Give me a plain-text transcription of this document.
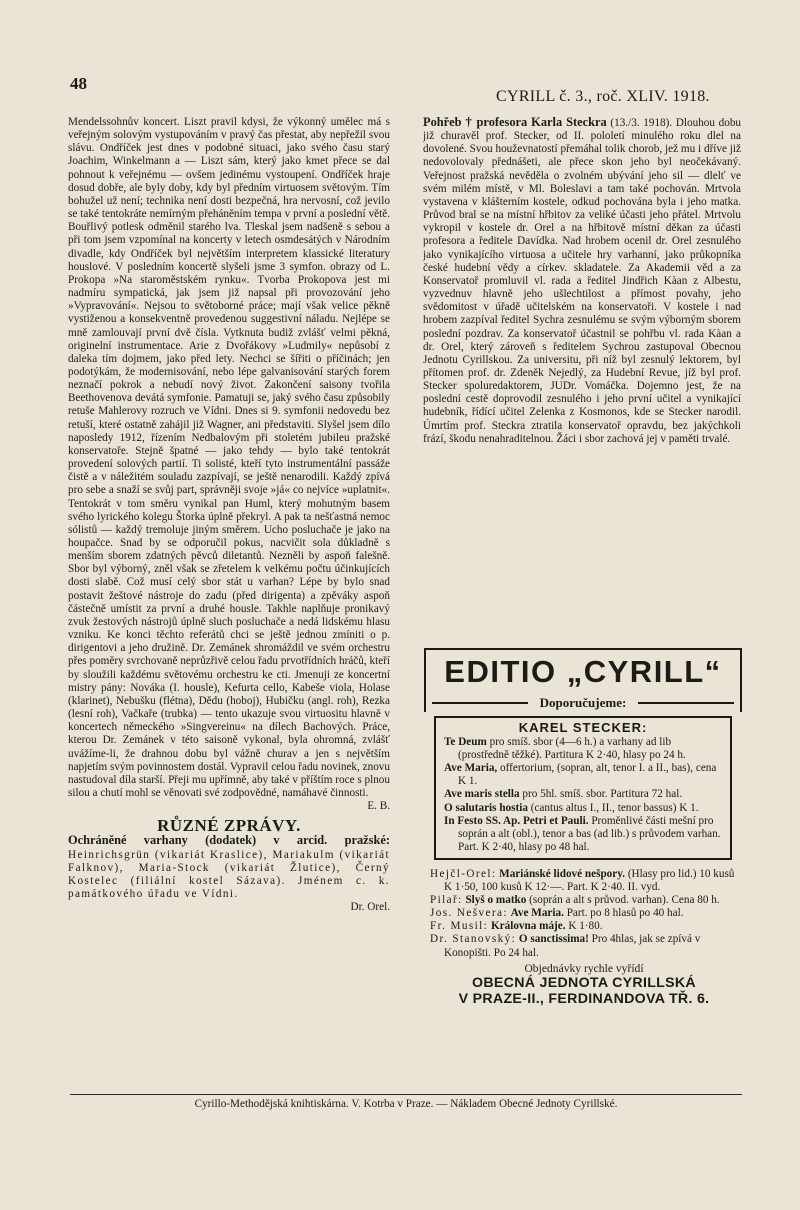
48
CYRILL č. 3., roč. XLIV. 1918.

Mendelssohnův koncert. Liszt pravil kdysi, že výkonný umělec má s veřejným solovým vystupováním v pravý čas přestat, aby nepřežil svou slávu. Ondříček jest dnes v podobné situaci, jako svého času starý Joachim, Winkelmann a — Liszt sám, který jako kmet přece se dal pohnout k veřejnému — ovšem jedinému vystoupení. Ondříček hraje dosud dobře, ale byly doby, kdy byl předním virtuosem světovým. Tím bohužel už není; technika není dosti bezpečná, hra nervosní, což jevilo se také tentokráte nemírným přeháněním tempa v první a poslední větě. Bouřlivý potlesk odměnil starého lva. Tleskal jsem nadšeně s sebou a při tom jsem vzpomínal na koncerty v letech osmdesátých v Národním divadle, kdy Ondříček byl největším interpretem klassické literatury houslové. V posledním koncertě slyšeli jsme 3 symfon. obrazy od L. Prokopa »Na staroměstském rynku«. Tvorba Prokopova jest mi nadmíru sympatická, jak jsem již napsal při provozování jeho »Vypravování«. Nejsou to světoborné práce; mají však velice pěkně vystiženou a konsekventně provedenou suggestivní náladu. Nejlépe se mně zamlouvají první dvě čísla. Vytknuta budiž zvlášť velmi pěkná, originelní instrumentace. Arie z Dvořákovy »Ludmily« nepůsobí z daleka tím dojmem, jako před lety. Nechci se šířiti o příčinách; jen podotýkám, že modernisování, nebo lépe galvanisování starých forem neznačí pokrok a nebudí nový život. Zakončení saisony tvořila Beethovenova devátá symfonie. Pamatuji se, jaký svého času způsobily retuše Mahlerovy rozruch ve Vídni. Dnes si 9. symfonii nedovedu bez retuší, které ostatně zahájil již Wagner, ani představiti. Slyšel jsem dílo naposledy 1912, řízením Nedbalovým při stoletém jubileu pražské konservatoře. Stejně špatné — jako tehdy — bylo také tentokrát provedení solových partií. Ti solisté, kteří tyto instrumentální passáže čistě a v náležitém souladu zazpívají, se ještě nenarodili. Každý zpívá pro sebe a snaží se svůj part, správněji svoje »já« co nejvíce »uplatnit«. Tentokrát v tom směru vynikal pan Huml, který mohutným basem svého lyrického kolegu Štorka úplně překryl. A pak ta nešťastná nemoc sólistů — každý tremoluje jiným směrem. Ucho posluchače je jako na houpačce. Snad by se odporučil pokus, nacvičit sola důkladně s menším sborem zdatných pěvců diletantů. Nezněli by aspoň falešně. Sbor byl výborný, zněl však se zřetelem k velkému počtu účinkujících dosti slabě. Což musí celý sbor stát u varhan? Lépe by bylo snad postavit žeštové nástroje do zadu (před dirigenta) a zpěváky aspoň částečně umístit za první a druhé housle. Takhle naplňuje pronikavý zvuk žestových nástrojů úplně sluch posluchače a nedá lidskému hlasu vzniku. Ke konci těchto referátů chci se ještě jednou zmíniti o p. dirigentovi a jeho družině. Dr. Zemánek shromáždil ve svém orchestru přes poměry svrchovaně neprůzřivě celou řadu prvotřídních hráčů, kteří by sloužili každému světovému orchestru ke cti. Jmenuji ze koncertní mistry pány: Nováka (I. housle), Kefurta cello, Kabeše viola, Holase (klarinet), Nebušku (flétna), Dědu (hoboj), Hubičku (angl. roh), Rezka (lesní roh), Vačkaře (trubka) — tento ukazuje svou virtuositu hlavně v koncertech německého »Singvereinu« na dílech Bachových. Práce, kterou Dr. Zemánek v této saisoně vykonal, byla ohromná, zvlášť uvážíme-li, že drahnou dobu byl vážně churav a jen s největším napjetím svým povinnostem dostál. Vypravil celou řadu novinek, znovu nastudoval díla starší. Přeji mu upřímně, aby také v příštím roce s plnou silou a chutí mohl se věnovati své zodpovědné, namáhavé činnosti.

E. B.
RŮZNÉ ZPRÁVY.

Ochráněné varhany (dodatek) v arcid. pražské: Heinrichsgrün (vikariát Kraslice), Mariakulm (vikariát Falknov), Maria-Stock (vikariát Žlutice), Černý Kostelec (filiální kostel Sázava). Jménem c. k. památkového úřadu ve Vídni.
Dr. Orel.

Pohřeb † profesora Karla Steckra (13./3. 1918). Dlouhou dobu již churavěl prof. Stecker, od II. pololetí minulého roku dlel na dovolené. Svou houževnatostí přemáhal tolik chorob, jež mu i dříve již nedovolovaly přednášeti, ale přece skon jeho byl neočekávaný. Veřejnost pražská nevěděla o zvolném ubývání jeho sil — dlelť ve svém milém místě, v Ml. Boleslavi a tam také pochován. Mrtvola vystavena v klášterním kostele, odkud pochována byla i jeho matka. Průvod bral se na místní hřbitov za veliké účasti jeho přátel. Mrtvolu vykropil v kostele dr. Orel a na hřbitově místní děkan za účasti profesora a ředitele Davídka. Nad hrobem ocenil dr. Orel zesnulého jako vynikajícího virtuosa a učitele hry varhanní, jako průkopníka české hudební vědy a církev. skladatele. Za Akademii věd a za Konservatoř promluvil vl. rada a ředitel Jindřich Kàan z Albestu, vyzvednuv hlavně jeho ušlechtilost a přímost povahy, jeho svědomitost v úřadě učitelském na konservatoři. V kostele i nad hrobem zazpíval ředitel Sychra zesnulému se svým výborným sborem poslední pozdrav. Za konservatoř účastnil se pohřbu vl. rada Kàan a dr. Orel, který zároveň s ředitelem Sychrou zastupoval Obecnou Jednotu Cyrillskou. Za universitu, při níž byl zesnulý lektorem, byl přítomen prof. dr. Zdeněk Nejedlý, za Hudební Revue, jíž byl prof. Stecker spoluredaktorem, JUDr. Vomáčka. Dojemno jest, že na poslední cestě doprovodil zesnulého i jeho první učitel a vynikající hudebník, řídící učitel Zelenka z Kosmonos, kde se Stecker narodil. Úmrtím prof. Steckra ztratila konservatoř opravdu, bez jakýchkoli frází, škodu nenahraditelnou. Žáci i sbor zachová jej v paměti trvalé.

EDITIO „CYRILL“
Doporučujeme:
KAREL STECKER:

Te Deum pro smíš. sbor (4—6 h.) a varhany ad lib (prostředně těžké). Partitura K 2·40, hlasy po 24 h.

Ave Maria, offertorium, (sopran, alt, tenor I. a II., bas), cena K 1.

Ave maris stella pro 5hl. smíš. sbor. Partitura 72 hal.

O salutaris hostia (cantus altus I., II., tenor bassus) K 1.

In Festo SS. Ap. Petri et Pauli. Proměnlivé části mešní pro soprán a alt (obl.), tenor a bas (ad lib.) s průvodem varhan. Part. K 2·40, hlasy po 48 hal.

Hejčl-Orel: Mariánské lidové nešpory. (Hlasy pro lid.) 10 kusů K 1·50, 100 kusů K 12·—. Part. K 2·40. II. vyd.

Pilař: Slyš o matko (soprán a alt s průvod. varhan). Cena 80 h.

Jos. Nešvera: Ave Maria. Part. po 8 hlasů po 40 hal.

Fr. Musil: Královna máje. K 1·80.

Dr. Stanovský: O sanctissima! Pro 4hlas, jak se zpívá v Konopišti. Po 24 hal.

Objednávky rychle vyřídí
OBECNÁ JEDNOTA CYRILLSKÁ
V PRAZE-II., FERDINANDOVA TŘ. 6.
Cyrillo-Methodějská knihtiskárna. V. Kotrba v Praze. — Nákladem Obecné Jednoty Cyrillské.
